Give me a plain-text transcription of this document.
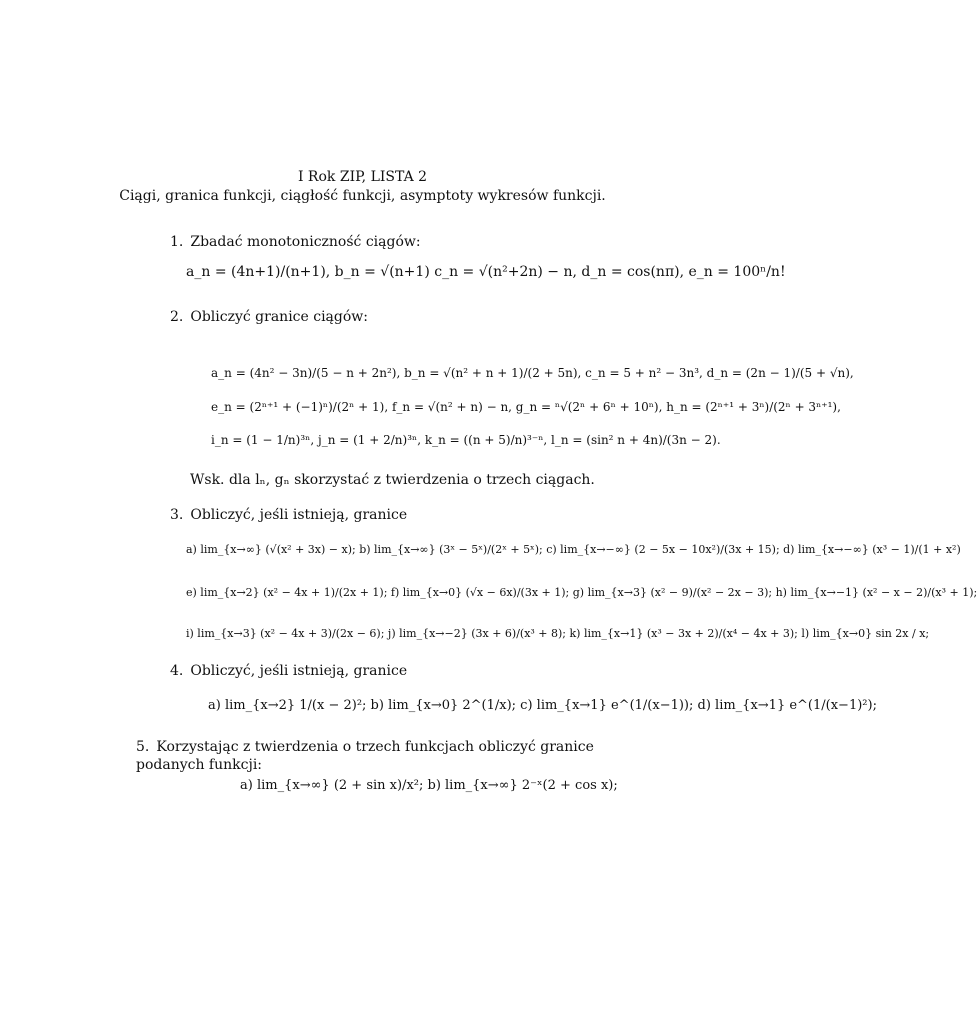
I Rok ZIP, LISTA 2
Ciągi, granica funkcji, ciągłość funkcji, asymptoty wykresów funkcji.
1. Zbadać monotoniczność ciągów:
a_n = (4n+1)/(n+1), b_n = √(n+1) c_n = √(n²+2n) − n, d_n = cos(nπ), e_n = 100ⁿ/n!
2. Obliczyć granice ciągów:
a_n = (4n² − 3n)/(5 − n + 2n²), b_n = √(n² + n + 1)/(2 + 5n), c_n = 5 + n² − 3n³, d_n = (2n − 1)/(5 + √n),
e_n = (2ⁿ⁺¹ + (−1)ⁿ)/(2ⁿ + 1), f_n = √(n² + n) − n, g_n = ⁿ√(2ⁿ + 6ⁿ + 10ⁿ), h_n = (2ⁿ⁺¹ + 3ⁿ)/(2ⁿ + 3ⁿ⁺¹),
i_n = (1 − 1/n)³ⁿ, j_n = (1 + 2/n)³ⁿ, k_n = ((n + 5)/n)³⁻ⁿ, l_n = (sin² n + 4n)/(3n − 2).
Wsk. dla lₙ, gₙ skorzystać z twierdzenia o trzech ciągach.
3. Obliczyć, jeśli istnieją, granice
a) lim_{x→∞} (√(x² + 3x) − x); b) lim_{x→∞} (3ˣ − 5ˣ)/(2ˣ + 5ˣ); c) lim_{x→−∞} (2 − 5x − 10x²)/(3x + 15); d) lim_{x→−∞} (x³ − 1)/(1 + x²)
e) lim_{x→2} (x² − 4x + 1)/(2x + 1); f) lim_{x→0} (√x − 6x)/(3x + 1); g) lim_{x→3} (x² − 9)/(x² − 2x − 3); h) lim_{x→−1} (x² − x − 2)/(x³ + 1);
i) lim_{x→3} (x² − 4x + 3)/(2x − 6); j) lim_{x→−2} (3x + 6)/(x³ + 8); k) lim_{x→1} (x³ − 3x + 2)/(x⁴ − 4x + 3); l) lim_{x→0} sin 2x / x;
4. Obliczyć, jeśli istnieją, granice
a) lim_{x→2} 1/(x − 2)²; b) lim_{x→0} 2^(1/x); c) lim_{x→1} e^(1/(x−1)); d) lim_{x→1} e^(1/(x−1)²);
5. Korzystając z twierdzenia o trzech funkcjach obliczyć granice podanych funkcji:
a) lim_{x→∞} (2 + sin x)/x²; b) lim_{x→∞} 2⁻ˣ(2 + cos x);
